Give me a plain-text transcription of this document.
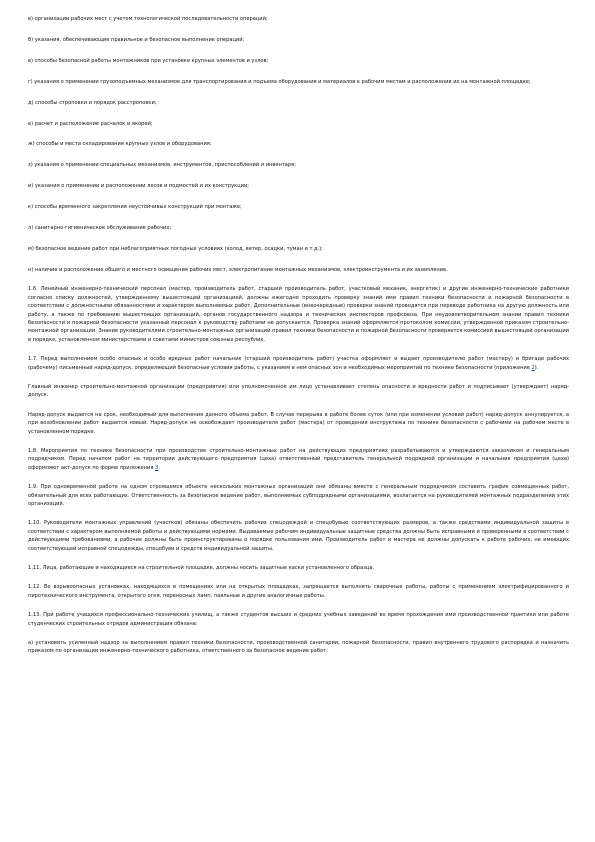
в) организации рабочих мест с учетом технологической последовательности операций;

б) указания, обеспечивающие правильное и безопасное выполнение операций;

в) способы безопасной работы монтажников при установке крупных элементов и узлов;

г) указания о применении грузоподъемных механизмов для транспортирования и подъема оборудования и материалов к рабочим местам и расположения их на монтажной площадке;

д) способы строповки и порядок расстроповки;

е) расчет и расположение расчалок и якорей;

ж) способы и места складирования крупных узлов и оборудования;

з) указания о применении специальных механизмов, инструментов, приспособлений и инвентаря;

и) указания о применении и расположении лесов и подмостей и их конструкции;

к) способы временного закрепления неустойчивых конструкций при монтаже;

л) санитарно-гигиеническое обслуживание рабочих;

м) безопасное ведение работ при неблагоприятных погодных условиях (холод, ветер, осадки, туман и т.д.);

н) наличие и расположение общего и местного освещения рабочих мест, электропитание монтажных механизмов, электроинструмента и их заземление.

1.6. Линейный инженерно-технический персонал (мастер, производитель работ, старший производитель работ, участковый механик, энергетик) и другие инженерно-технические работники согласно списку должностей, утвержденному вышестоящей организацией, должны ежегодно проходить проверку знаний ими правил техники безопасности и пожарной безопасности в соответствии с должностными обязанностями и характером выполняемых работ. Дополнительные (внеочередные) проверки знаний проводятся при переводе работника на другую должность или работу, а также по требованию вышестоящих организаций, органов государственного надзора и технических инспекторов профсоюза. При неудовлетворительном знании правил техники безопасности и пожарной безопасности указанный персонал к руководству работами не допускается. Проверка знаний оформляется протоколом комиссии, утвержденной приказом строительно-монтажной организации. Знание руководителями строительно-монтажных организаций правил техники безопасности и пожарной безопасности проверяется комиссией вышестоящей организации в порядке, установленном министерствами и советами министров союзных республик.

1.7. Перед выполнением особо опасных и особо вредных работ начальник (старший производитель работ) участка оформляет и выдает производителю работ (мастеру) и бригаде рабочих (рабочему) письменный наряд-допуск, определяющий безопасные условия работы, с указанием в нем опасных зон и необходимых мероприятий по технике безопасности (приложение 2).

Главный инженер строительно-монтажной организации (предприятия) или уполномоченное им лицо устанавливает степень опасности и вредности работ и подписывает (утверждает) наряд-допуск.

Наряд-допуск выдается на срок, необходимый для выполнения данного объема работ. В случае перерыва в работе более суток (или при изменении условий работ) наряд-допуск аннулируется, а при возобновлении работ выдается новый. Наряд-допуск не освобождает производителя работ (мастера) от проведения инструктажа по технике безопасности с рабочими на рабочем месте в установленном порядке.

1.8. Мероприятия по технике безопасности при производстве строительно-монтажных работ на действующих предприятиях разрабатываются и утверждаются заказчиком и генеральным подрядчиком. Перед началом работ на территории действующего предприятия (цеха) ответственный представитель генеральной подрядной организации и начальник предприятия (цеха) оформляют акт-допуск по форме приложения 3.

1.9. При одновременной работе на одном строящемся объекте нескольких монтажных организаций они обязаны вместе с генеральным подрядчиком составить график совмещенных работ, обязательный для всех работающих. Ответственность за безопасное ведение работ, выполняемых субподрядными организациями, возлагается на руководителей монтажных подразделений этих организаций.

1.10. Руководители монтажных управлений (участков) обязаны обеспечить рабочих спецодеждой и спецобувью соответствующих размеров, а также средствами индивидуальной защиты в соответствии с характером выполняемой работы и действующими нормами. Выдаваемые рабочим индивидуальные защитные средства должны быть исправными и проверенными в соответствии с действующими требованиями, а рабочие должны быть проинструктированы о порядке пользования ими. Производитель работ и мастера не должны допускать к работе рабочих, не имеющих соответствующей исправной спецодежды, спецобуви и средств индивидуальной защиты.

1.11. Лица, работающие и находящиеся на строительной площадке, должны носить защитные каски установленного образца.

1.12. Во взрывоопасных установках, находящихся в помещениях или на открытых площадках, запрещается выполнять сварочные работы, работы с применением электрифицированного и пиротехнического инструмента, открытого огня, переносных ламп, паяльные и другие аналогичные работы.

1.13. При работе учащихся профессионально-технических училищ, а также студентов высших и средних учебных заведений во время прохождения ими производственной практики или работе студенческих строительных отрядов администрация обязана:

а) установить усиленный надзор за выполнением правил техники безопасности, производственной санитарии, пожарной безопасности, правил внутреннего трудового распорядка и назначить приказом по организации инженерно-технического работника, ответственного за безопасное ведение работ;
